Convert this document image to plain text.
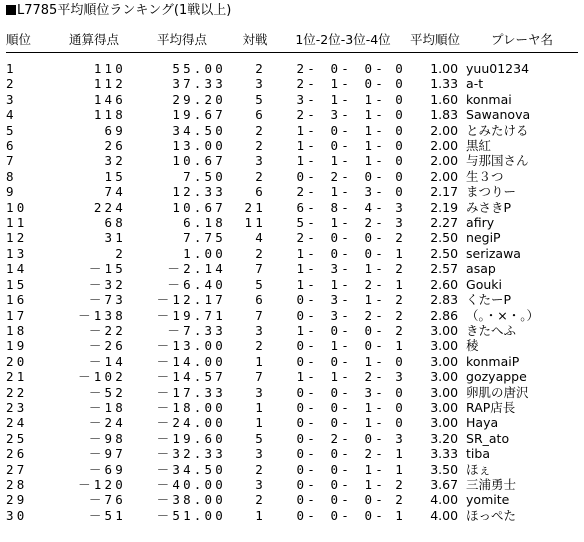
L7785平均順位ランキング(1戦以上)
順位	通算得点	平均得点	対戦	1位-2位-3位-4位				平均順位	プレーヤ名
1	110	55.00	2	2-	0-	0-	0	1.00	yuu01234
2	112	37.33	3	2-	1-	0-	0	1.33	a-t
3	146	29.20	5	3-	1-	1-	0	1.60	konmai
4	118	19.67	6	2-	3-	1-	0	1.83	Sawanova
5	69	34.50	2	1-	0-	1-	0	2.00	とみたける
6	26	13.00	2	1-	0-	1-	0	2.00	黒紅
7	32	10.67	3	1-	1-	1-	0	2.00	与那国さん
8	15	7.50	2	0-	2-	0-	0	2.00	生３つ
9	74	12.33	6	2-	1-	3-	0	2.17	まつりー
10	224	10.67	21	6-	8-	4-	3	2.19	みさきP
11	68	6.18	11	5-	1-	2-	3	2.27	afiry
12	31	7.75	4	2-	0-	0-	2	2.50	negiP
13	2	1.00	2	1-	0-	0-	1	2.50	serizawa
14	－15	－2.14	7	1-	3-	1-	2	2.57	asap
15	－32	－6.40	5	1-	1-	2-	1	2.60	Gouki
16	－73	－12.17	6	0-	3-	1-	2	2.83	くたーP
17	－138	－19.71	7	0-	3-	2-	2	2.86	（。・×・。）
18	－22	－7.33	3	1-	0-	0-	2	3.00	きたへふ
19	－26	－13.00	2	0-	1-	0-	1	3.00	稜
20	－14	－14.00	1	0-	0-	1-	0	3.00	konmaiP
21	－102	－14.57	7	1-	1-	2-	3	3.00	gozyappe
22	－52	－17.33	3	0-	0-	3-	0	3.00	卵肌の唐沢
23	－18	－18.00	1	0-	0-	1-	0	3.00	RAP店長
24	－24	－24.00	1	0-	0-	1-	0	3.00	Haya
25	－98	－19.60	5	0-	2-	0-	3	3.20	SR_ato
26	－97	－32.33	3	0-	0-	2-	1	3.33	tiba
27	－69	－34.50	2	0-	0-	1-	1	3.50	ほぇ
28	－120	－40.00	3	0-	0-	1-	2	3.67	三浦勇士
29	－76	－38.00	2	0-	0-	0-	2	4.00	yomite
30	－51	－51.00	1	0-	0-	0-	1	4.00	ほっぺた
